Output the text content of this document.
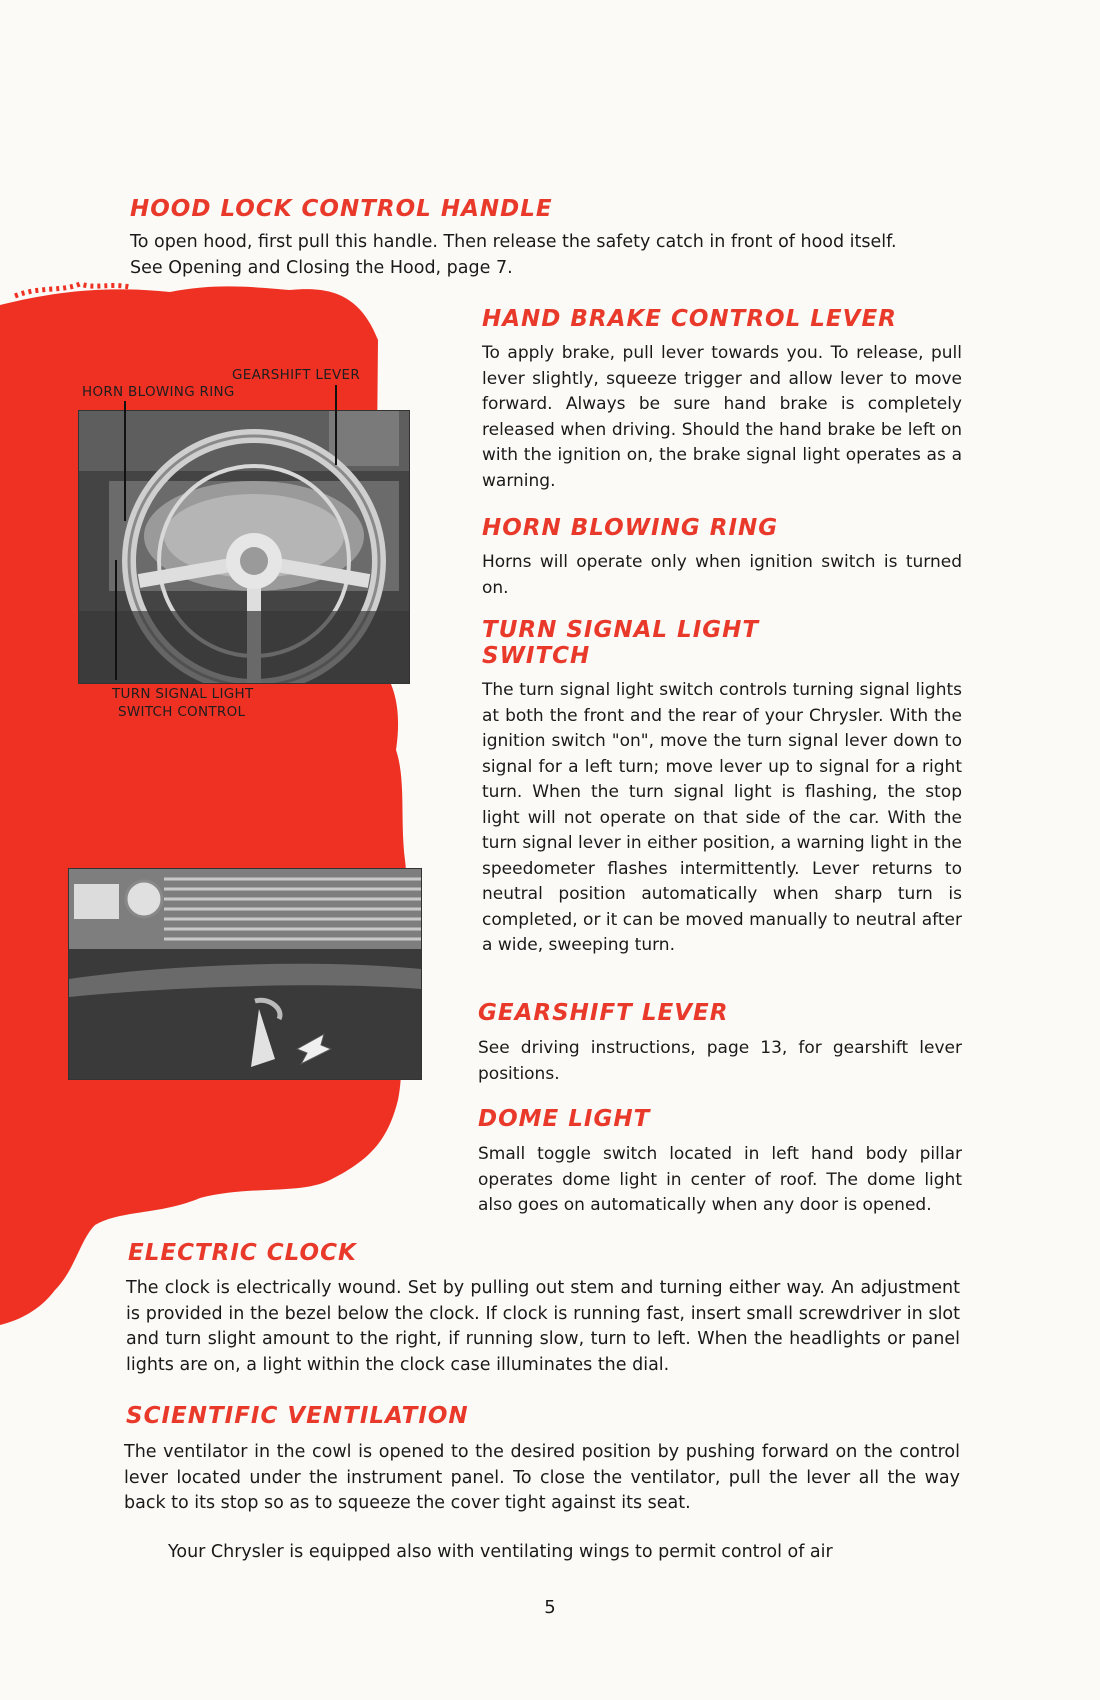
HOOD LOCK CONTROL HANDLE

To open hood, first pull this handle. Then release the safety catch in front of hood itself.

See Opening and Closing the Hood, page 7.

GEARSHIFT LEVER
HORN BLOWING RING
TURN SIGNAL LIGHT
SWITCH CONTROL
HAND BRAKE CONTROL LEVER

To apply brake, pull lever towards you. To release, pull lever slightly, squeeze trigger and allow lever to move forward. Always be sure hand brake is completely released when driving. Should the hand brake be left on with the ignition on, the brake signal light operates as a warning.

HORN BLOWING RING

Horns will operate only when ignition switch is turned on.

TURN SIGNAL LIGHT
SWITCH

The turn signal light switch controls turning signal lights at both the front and the rear of your Chrysler. With the ignition switch "on", move the turn signal lever down to signal for a left turn; move lever up to signal for a right turn. When the turn signal light is flashing, the stop light will not operate on that side of the car. With the turn signal lever in either position, a warning light in the speedometer flashes intermittently. Lever returns to neutral position automatically when sharp turn is completed, or it can be moved manually to neutral after a wide, sweeping turn.

GEARSHIFT LEVER

See driving instructions, page 13, for gearshift lever positions.

DOME LIGHT

Small toggle switch located in left hand body pillar operates dome light in center of roof. The dome light also goes on automatically when any door is opened.

ELECTRIC CLOCK

The clock is electrically wound. Set by pulling out stem and turning either way. An adjustment is provided in the bezel below the clock. If clock is running fast, insert small screwdriver in slot and turn slight amount to the right, if running slow, turn to left. When the headlights or panel lights are on, a light within the clock case illuminates the dial.

SCIENTIFIC VENTILATION

The ventilator in the cowl is opened to the desired position by pushing forward on the control lever located under the instrument panel. To close the ventilator, pull the lever all the way back to its stop so as to squeeze the cover tight against its seat.

Your Chrysler is equipped also with ventilating wings to permit control of air

5
